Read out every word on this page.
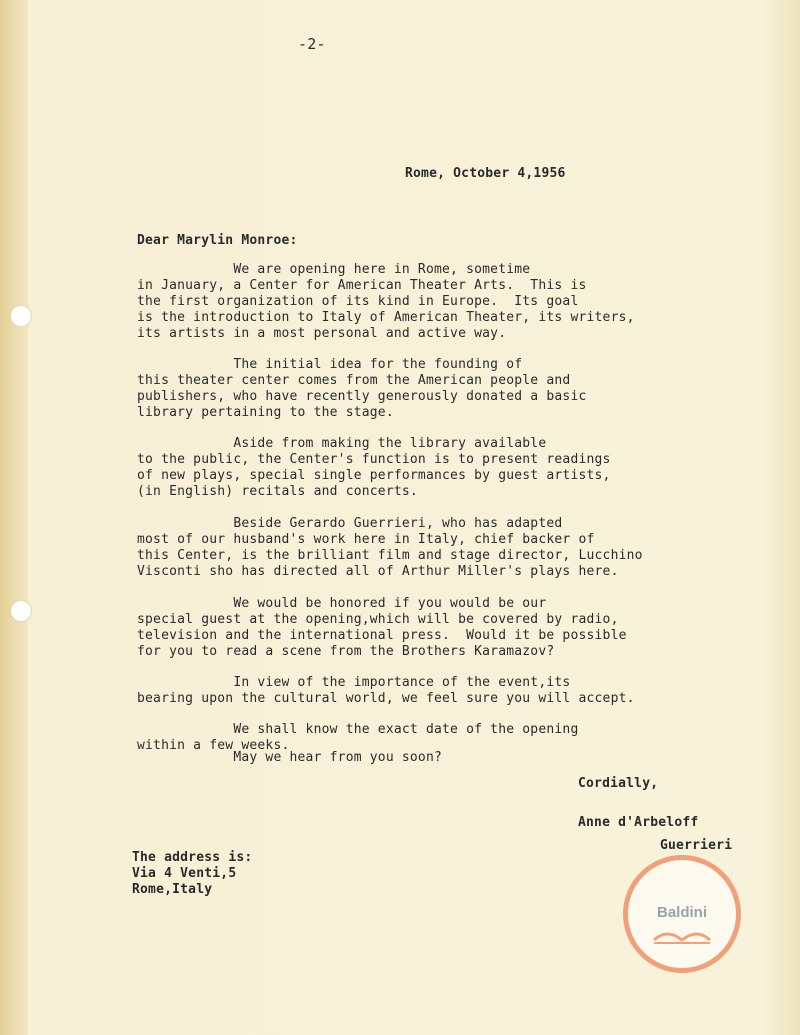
-2-

Rome, October 4,1956

Dear Marylin Monroe:

We are opening here in Rome, sometime
in January, a Center for American Theater Arts.  This is
the first organization of its kind in Europe.  Its goal
is the introduction to Italy of American Theater, its writers,
its artists in a most personal and active way.

The initial idea for the founding of
this theater center comes from the American people and
publishers, who have recently generously donated a basic
library pertaining to the stage.

Aside from making the library available
to the public, the Center's function is to present readings
of new plays, special single performances by guest artists,
(in English) recitals and concerts.

Beside Gerardo Guerrieri, who has adapted
most of our husband's work here in Italy, chief backer of
this Center, is the brilliant film and stage director, Lucchino
Visconti sho has directed all of Arthur Miller's plays here.

We would be honored if you would be our
special guest at the opening,which will be covered by radio,
television and the international press.  Would it be possible
for you to read a scene from the Brothers Karamazov?

In view of the importance of the event,its
bearing upon the cultural world, we feel sure you will accept.

We shall know the exact date of the opening
within a few weeks.

May we hear from you soon?

Cordially,

Anne d'Arbeloff

Guerrieri

The address is:
Via 4 Venti,5
Rome,Italy

Baldini
